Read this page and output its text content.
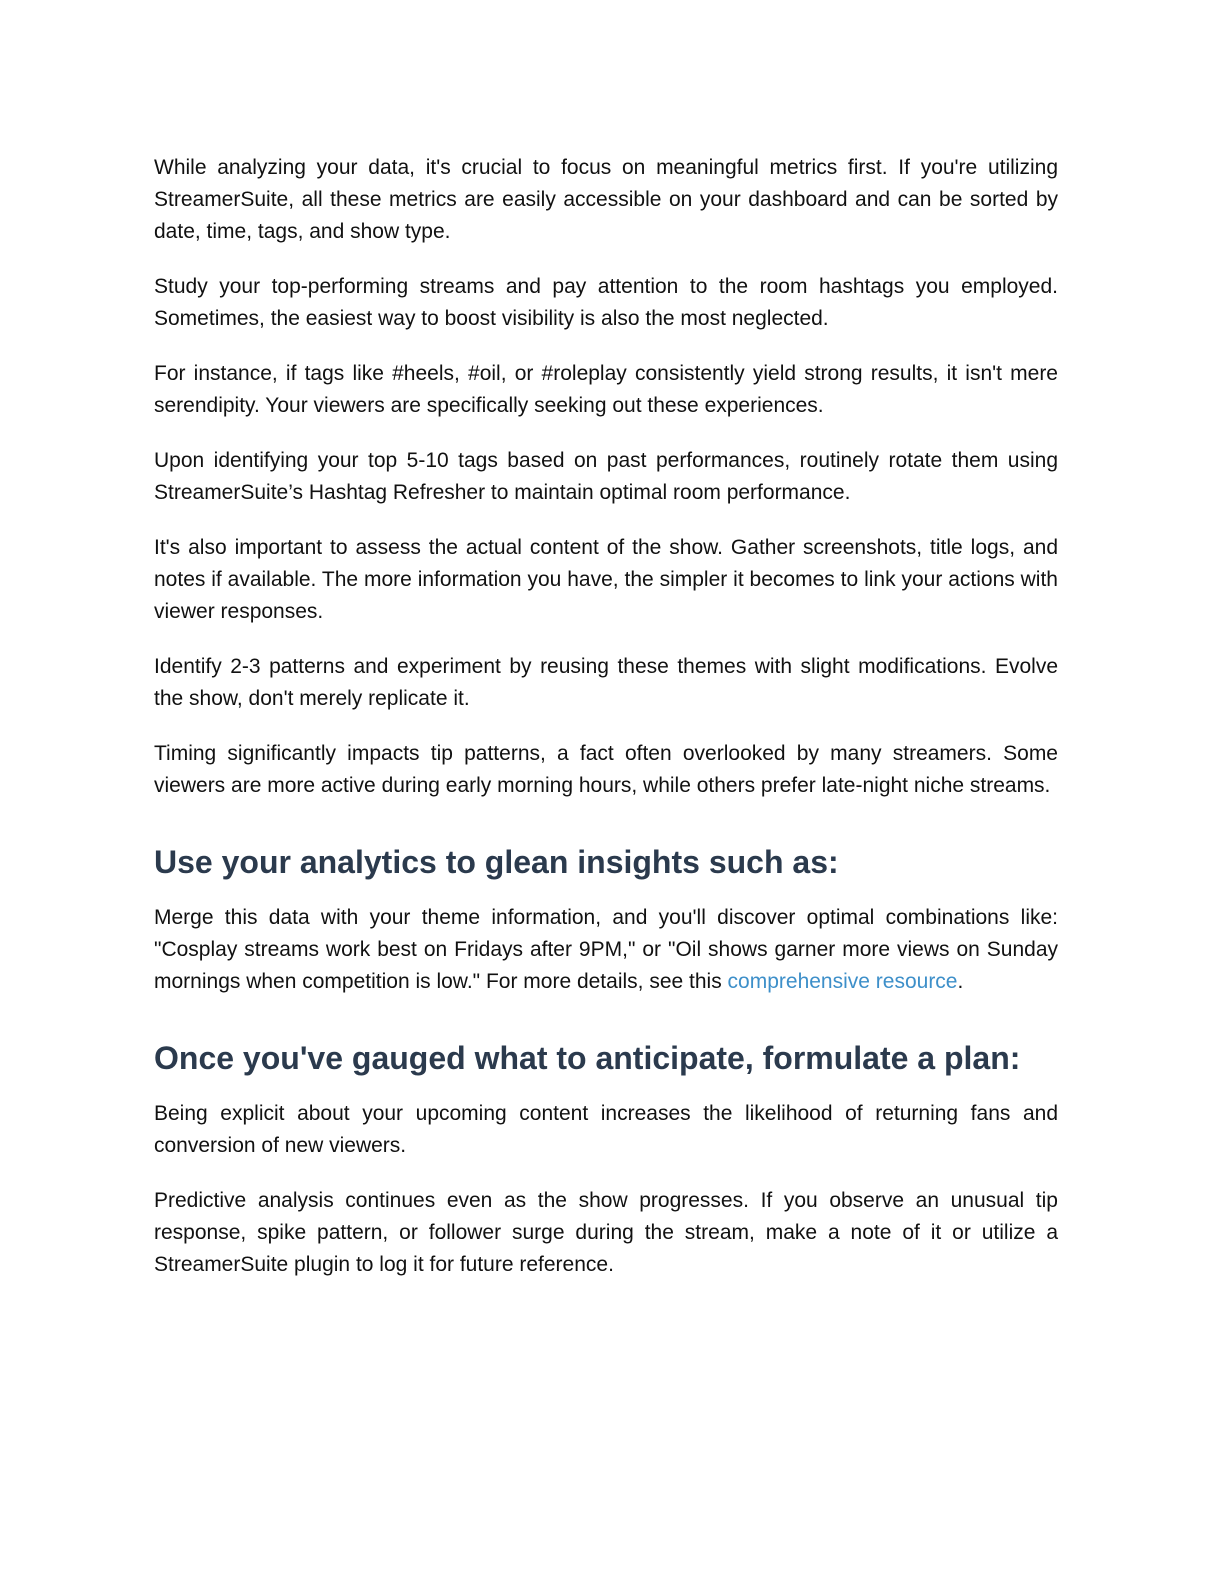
While analyzing your data, it's crucial to focus on meaningful metrics first. If you're utilizing StreamerSuite, all these metrics are easily accessible on your dashboard and can be sorted by date, time, tags, and show type.

Study your top-performing streams and pay attention to the room hashtags you employed. Sometimes, the easiest way to boost visibility is also the most neglected.

For instance, if tags like #heels, #oil, or #roleplay consistently yield strong results, it isn't mere serendipity. Your viewers are specifically seeking out these experiences.

Upon identifying your top 5-10 tags based on past performances, routinely rotate them using StreamerSuite’s Hashtag Refresher to maintain optimal room performance.

It's also important to assess the actual content of the show. Gather screenshots, title logs, and notes if available. The more information you have, the simpler it becomes to link your actions with viewer responses.

Identify 2-3 patterns and experiment by reusing these themes with slight modifications. Evolve the show, don't merely replicate it.

Timing significantly impacts tip patterns, a fact often overlooked by many streamers. Some viewers are more active during early morning hours, while others prefer late-night niche streams.

Use your analytics to glean insights such as:

Merge this data with your theme information, and you'll discover optimal combinations like: "Cosplay streams work best on Fridays after 9PM," or "Oil shows garner more views on Sunday mornings when competition is low." For more details, see this comprehensive resource.

Once you've gauged what to anticipate, formulate a plan:

Being explicit about your upcoming content increases the likelihood of returning fans and conversion of new viewers.

Predictive analysis continues even as the show progresses. If you observe an unusual tip response, spike pattern, or follower surge during the stream, make a note of it or utilize a StreamerSuite plugin to log it for future reference.
